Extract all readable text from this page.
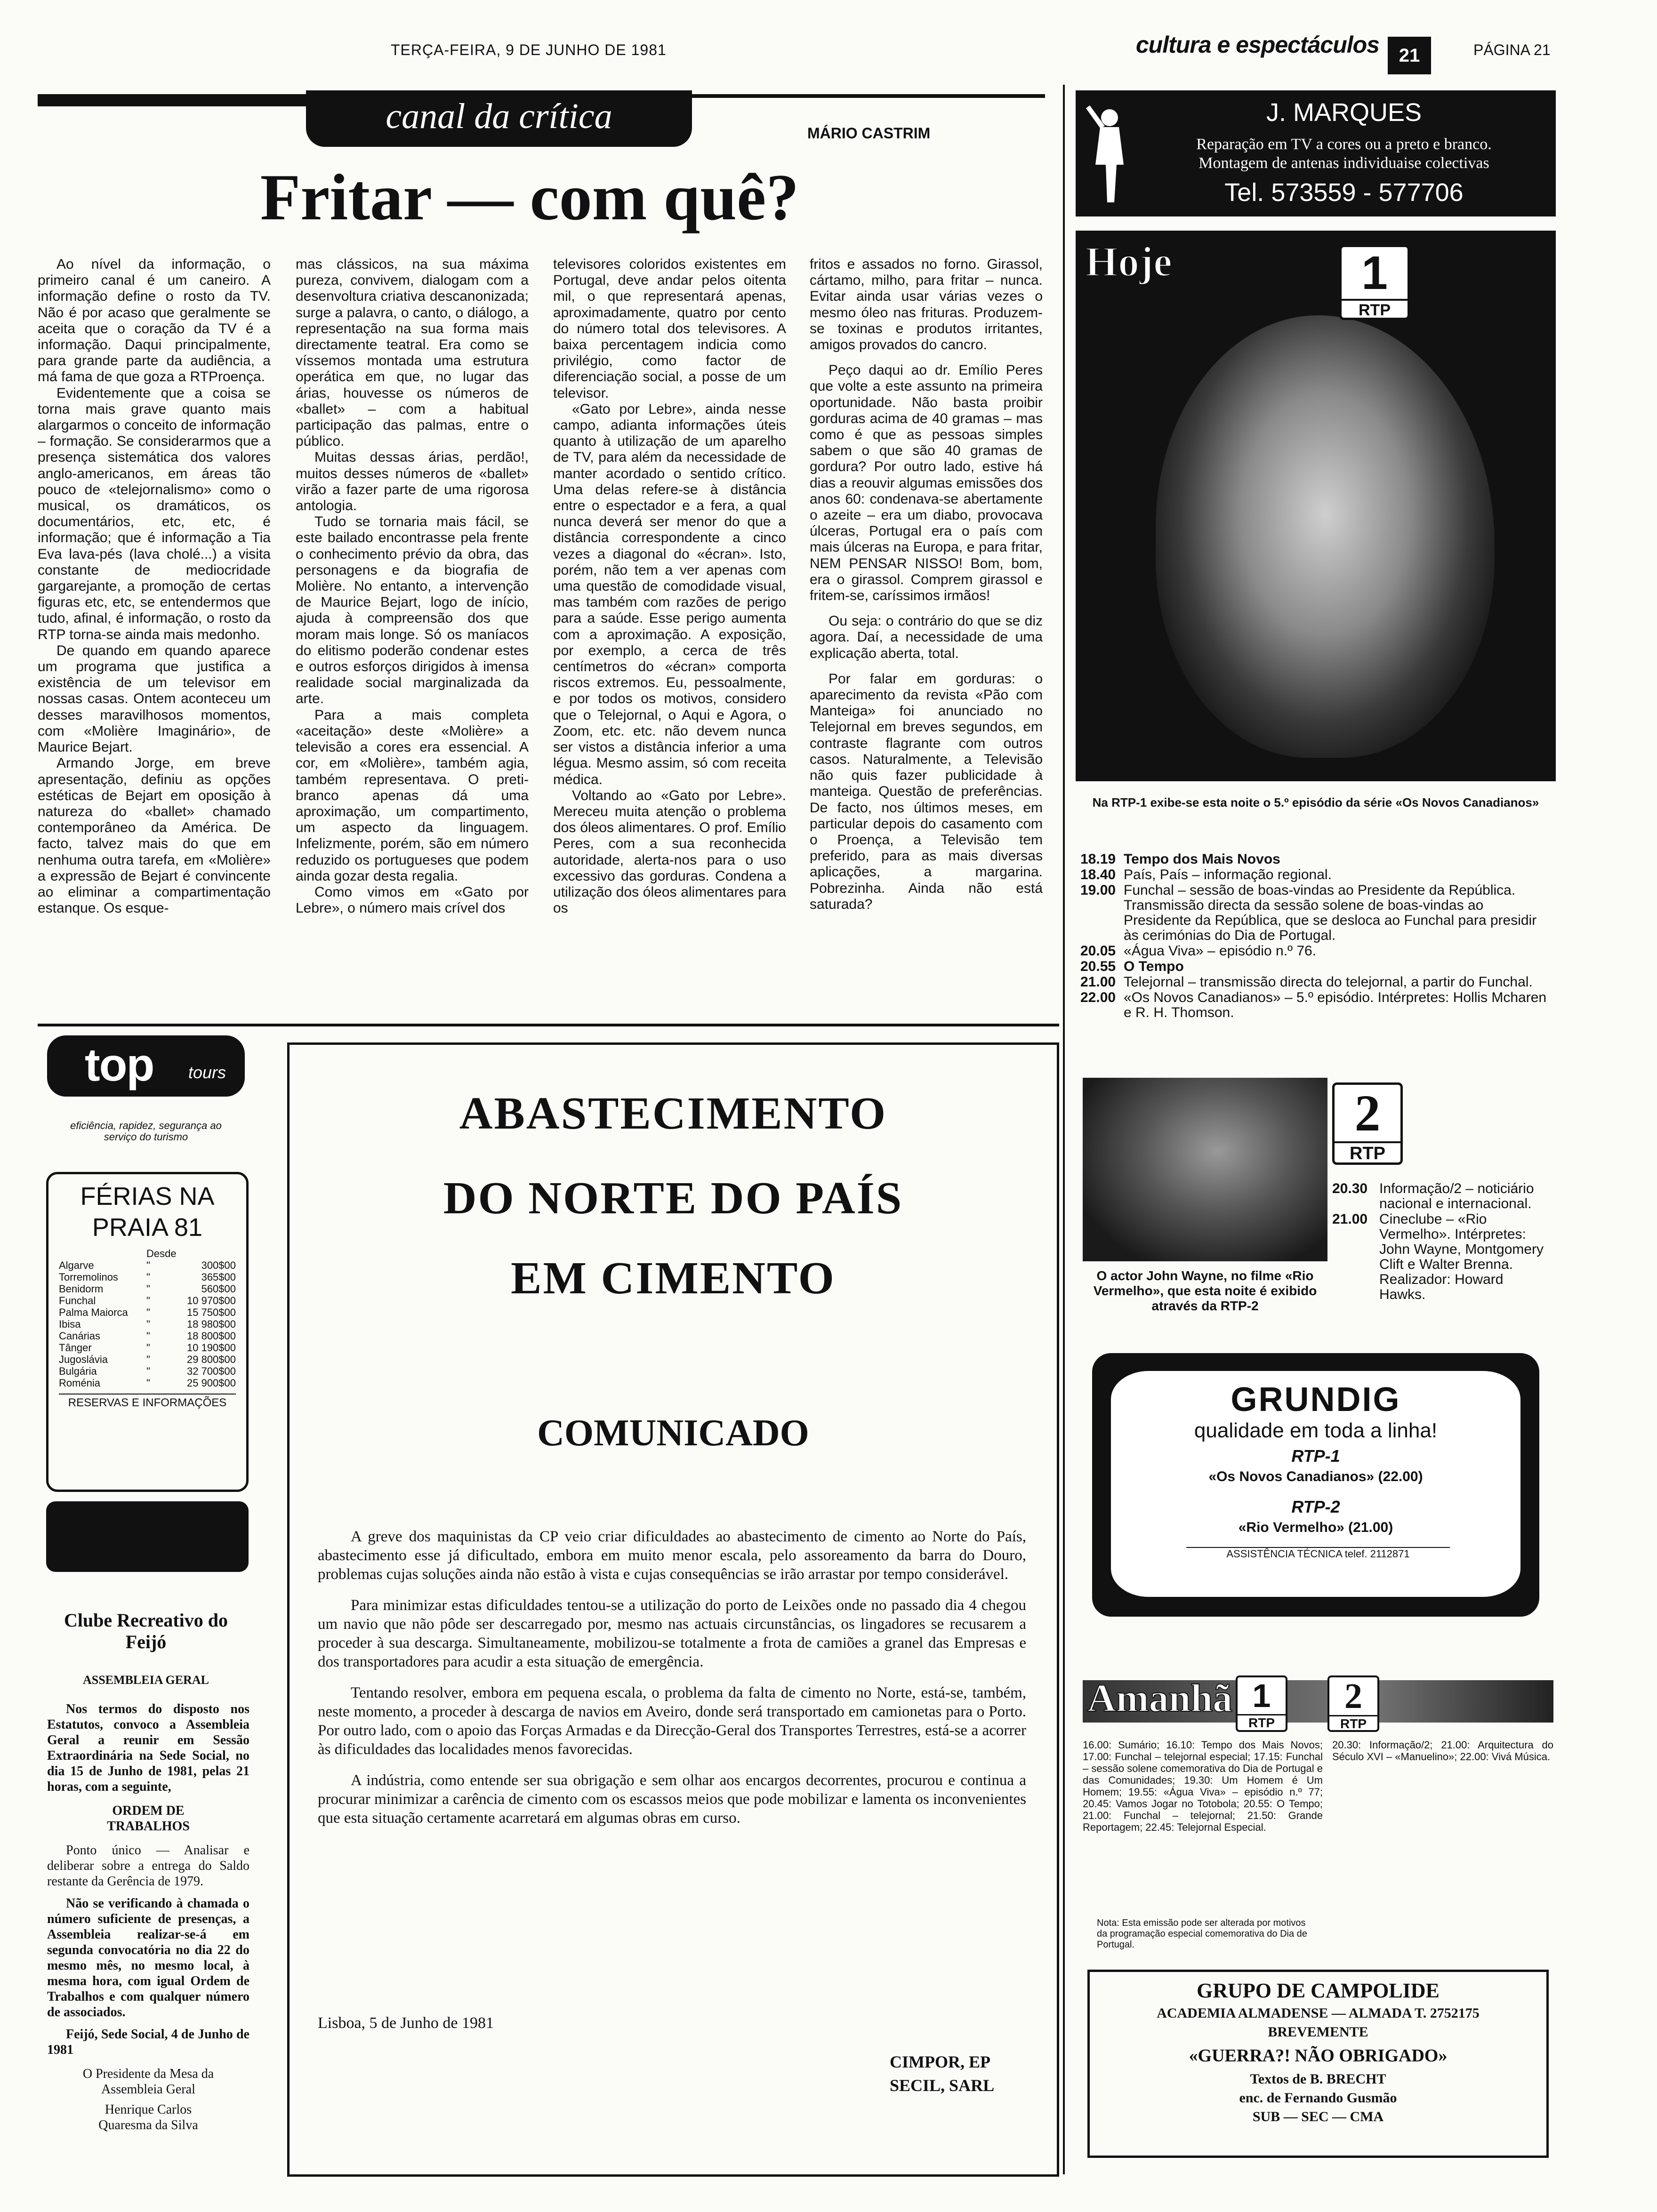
TERÇA-FEIRA, 9 DE JUNHO DE 1981	cultura e espectáculos	21	PÁGINA 21
canal da crítica	MÁRIO CASTRIM
Fritar — com quê?

Ao nível da informação, o primeiro canal é um caneiro. A informação define o rosto da TV. Não é por acaso que geralmente se aceita que o coração da TV é a informação. Daqui principalmente, para grande parte da audiência, a má fama de que goza a RTProença.

Evidentemente que a coisa se torna mais grave quanto mais alargarmos o conceito de informação – formação. Se considerarmos que a presença sistemática dos valores anglo-americanos, em áreas tão pouco de «telejornalismo» como o musical, os dramáticos, os documentários, etc, etc, é informação; que é informação a Tia Eva lava-pés (lava cholé...) a visita constante de mediocridade gargarejante, a promoção de certas figuras etc, etc, se entendermos que tudo, afinal, é informação, o rosto da RTP torna-se ainda mais medonho.

De quando em quando aparece um programa que justifica a existência de um televisor em nossas casas. Ontem aconteceu um desses maravilhosos momentos, com «Molière Imaginário», de Maurice Bejart.

Armando Jorge, em breve apresentação, definiu as opções estéticas de Bejart em oposição à natureza do «ballet» chamado contemporâneo da América. De facto, talvez mais do que em nenhuma outra tarefa, em «Molière» a expressão de Bejart é convincente ao eliminar a compartimentação estanque. Os esque-

mas clássicos, na sua máxima pureza, convivem, dialogam com a desenvoltura criativa descanonizada; surge a palavra, o canto, o diálogo, a representação na sua forma mais directamente teatral. Era como se víssemos montada uma estrutura operática em que, no lugar das árias, houvesse os números de «ballet» – com a habitual participação das palmas, entre o público.

Muitas dessas árias, perdão!, muitos desses números de «ballet» virão a fazer parte de uma rigorosa antologia.

Tudo se tornaria mais fácil, se este bailado encontrasse pela frente o conhecimento prévio da obra, das personagens e da biografia de Molière. No entanto, a intervenção de Maurice Bejart, logo de início, ajuda à compreensão dos que moram mais longe. Só os maníacos do elitismo poderão condenar estes e outros esforços dirigidos à imensa realidade social marginalizada da arte.

Para a mais completa «aceitação» deste «Molière» a televisão a cores era essencial. A cor, em «Molière», também agia, também representava. O preti-branco apenas dá uma aproximação, um compartimento, um aspecto da linguagem. Infelizmente, porém, são em número reduzido os portugueses que podem ainda gozar desta regalia.

Como vimos em «Gato por Lebre», o número mais crível dos

televisores coloridos existentes em Portugal, deve andar pelos oitenta mil, o que representará apenas, aproximadamente, quatro por cento do número total dos televisores. A baixa percentagem indicia como privilégio, como factor de diferenciação social, a posse de um televisor.

«Gato por Lebre», ainda nesse campo, adianta informações úteis quanto à utilização de um aparelho de TV, para além da necessidade de manter acordado o sentido crítico. Uma delas refere-se à distância entre o espectador e a fera, a qual nunca deverá ser menor do que a distância correspondente a cinco vezes a diagonal do «écran». Isto, porém, não tem a ver apenas com uma questão de comodidade visual, mas também com razões de perigo para a saúde. Esse perigo aumenta com a aproximação. A exposição, por exemplo, a cerca de três centímetros do «écran» comporta riscos extremos. Eu, pessoalmente, e por todos os motivos, considero que o Telejornal, o Aqui e Agora, o Zoom, etc. etc. não devem nunca ser vistos a distância inferior a uma légua. Mesmo assim, só com receita médica.

Voltando ao «Gato por Lebre». Mereceu muita atenção o problema dos óleos alimentares. O prof. Emílio Peres, com a sua reconhecida autoridade, alerta-nos para o uso excessivo das gorduras. Condena a utilização dos óleos alimentares para os

fritos e assados no forno. Girassol, cártamo, milho, para fritar – nunca. Evitar ainda usar várias vezes o mesmo óleo nas frituras. Produzem-se toxinas e produtos irritantes, amigos provados do cancro.

Peço daqui ao dr. Emílio Peres que volte a este assunto na primeira oportunidade. Não basta proibir gorduras acima de 40 gramas – mas como é que as pessoas simples sabem o que são 40 gramas de gordura? Por outro lado, estive há dias a reouvir algumas emissões dos anos 60: condenava-se abertamente o azeite – era um diabo, provocava úlceras, Portugal era o país com mais úlceras na Europa, e para fritar, NEM PENSAR NISSO! Bom, bom, era o girassol. Comprem girassol e fritem-se, caríssimos irmãos!

Ou seja: o contrário do que se diz agora. Daí, a necessidade de uma explicação aberta, total.

Por falar em gorduras: o aparecimento da revista «Pão com Manteiga» foi anunciado no Telejornal em breves segundos, em contraste flagrante com outros casos. Naturalmente, a Televisão não quis fazer publicidade à manteiga. Questão de preferências. De facto, nos últimos meses, em particular depois do casamento com o Proença, a Televisão tem preferido, para as mais diversas aplicações, a margarina. Pobrezinha. Ainda não está saturada?

J. MARQUES
Reparação em TV a cores ou a preto e branco.
Montagem de antenas individuaise colectivas
Tel. 573559 - 577706
Hoje	1
RTP
Na RTP-1 exibe-se esta noite o 5.º episódio da série «Os Novos Canadianos»
18.19 Tempo dos Mais Novos
18.40 País, País – informação regional.
19.00 Funchal – sessão de boas-vindas ao Presidente da República. Transmissão directa da sessão solene de boas-vindas ao Presidente da República, que se desloca ao Funchal para presidir às cerimónias do Dia de Portugal.
20.05 «Água Viva» – episódio n.º 76.
20.55 O Tempo
21.00 Telejornal – transmissão directa do telejornal, a partir do Funchal.
22.00 «Os Novos Canadianos» – 5.º episódio. Intérpretes: Hollis Mcharen e R. H. Thomson.
O actor John Wayne, no filme «Rio Vermelho», que esta noite é exibido através da RTP-2
2
RTP
20.30 Informação/2 – noticiário nacional e internacional.
21.00 Cineclube – «Rio Vermelho». Intérpretes: John Wayne, Montgomery Clift e Walter Brenna. Realizador: Howard Hawks.
GRUNDIG
qualidade em toda a linha!
RTP-1
«Os Novos Canadianos» (22.00)
RTP-2
«Rio Vermelho» (21.00)
ASSISTÊNCIA TÉCNICA telef. 2112871
Amanhã 1
RTP
2
RTP
16.00: Sumário; 16.10: Tempo dos Mais Novos; 17.00: Funchal – telejornal especial; 17.15: Funchal – sessão solene comemorativa do Dia de Portugal e das Comunidades; 19.30: Um Homem é Um Homem; 19.55: «Água Viva» – episódio n.º 77; 20.45: Vamos Jogar no Totobola; 20.55: O Tempo; 21.00: Funchal – telejornal; 21.50: Grande Reportagem; 22.45: Telejornal Especial.
20.30: Informação/2; 21.00: Arquitectura do Século XVI – «Manuelino»; 22.00: Vivá Música.
Nota: Esta emissão pode ser alterada por motivos da programação especial comemorativa do Dia de Portugal.
GRUPO DE CAMPOLIDE
ACADEMIA ALMADENSE — ALMADA T. 2752175
BREVEMENTE
«GUERRA?! NÃO OBRIGADO»
Textos de B. BRECHT
enc. de Fernando Gusmão
SUB — SEC — CMA
top tours
eficiência, rapidez, segurança ao serviço do turismo
FÉRIAS NA PRAIA 81
Desde
Algarve	"	300$00
Torremolinos	"	365$00
Benidorm	"	560$00
Funchal	"	10 970$00
Palma Maiorca	"	15 750$00
Ibisa	"	18 980$00
Canárias	"	18 800$00
Tânger	"	10 190$00
Jugoslávia	"	29 800$00
Bulgária	"	32 700$00
Roménia	"	25 900$00
RESERVAS E INFORMAÇÕES
Clube Recreativo do Feijó
ASSEMBLEIA GERAL
Nos termos do disposto nos Estatutos, convoco a Assembleia Geral a reunir em Sessão Extraordinária na Sede Social, no dia 15 de Junho de 1981, pelas 21 horas, com a seguinte,
ORDEM DE TRABALHOS
Ponto único — Analisar e deliberar sobre a entrega do Saldo restante da Gerência de 1979.
Não se verificando à chamada o número suficiente de presenças, a Assembleia realizar-se-á em segunda convocatória no dia 22 do mesmo mês, no mesmo local, à mesma hora, com igual Ordem de Trabalhos e com qualquer número de associados.
Feijó, Sede Social, 4 de Junho de 1981
O Presidente da Mesa da Assembleia Geral
Henrique Carlos Quaresma da Silva
ABASTECIMENTO
DO NORTE DO PAÍS
EM CIMENTO
COMUNICADO

A greve dos maquinistas da CP veio criar dificuldades ao abastecimento de cimento ao Norte do País, abastecimento esse já dificultado, embora em muito menor escala, pelo assoreamento da barra do Douro, problemas cujas soluções ainda não estão à vista e cujas consequências se irão arrastar por tempo considerável.

Para minimizar estas dificuldades tentou-se a utilização do porto de Leixões onde no passado dia 4 chegou um navio que não pôde ser descarregado por, mesmo nas actuais circunstâncias, os lingadores se recusarem a proceder à sua descarga. Simultaneamente, mobilizou-se totalmente a frota de camiões a granel das Empresas e dos transportadores para acudir a esta situação de emergência.

Tentando resolver, embora em pequena escala, o problema da falta de cimento no Norte, está-se, também, neste momento, a proceder à descarga de navios em Aveiro, donde será transportado em camionetas para o Porto. Por outro lado, com o apoio das Forças Armadas e da Direcção-Geral dos Transportes Terrestres, está-se a acorrer às dificuldades das localidades menos favorecidas.

A indústria, como entende ser sua obrigação e sem olhar aos encargos decorrentes, procurou e continua a procurar minimizar a carência de cimento com os escassos meios que pode mobilizar e lamenta os inconvenientes que esta situação certamente acarretará em algumas obras em curso.

Lisboa, 5 de Junho de 1981
CIMPOR, EP
SECIL, SARL
